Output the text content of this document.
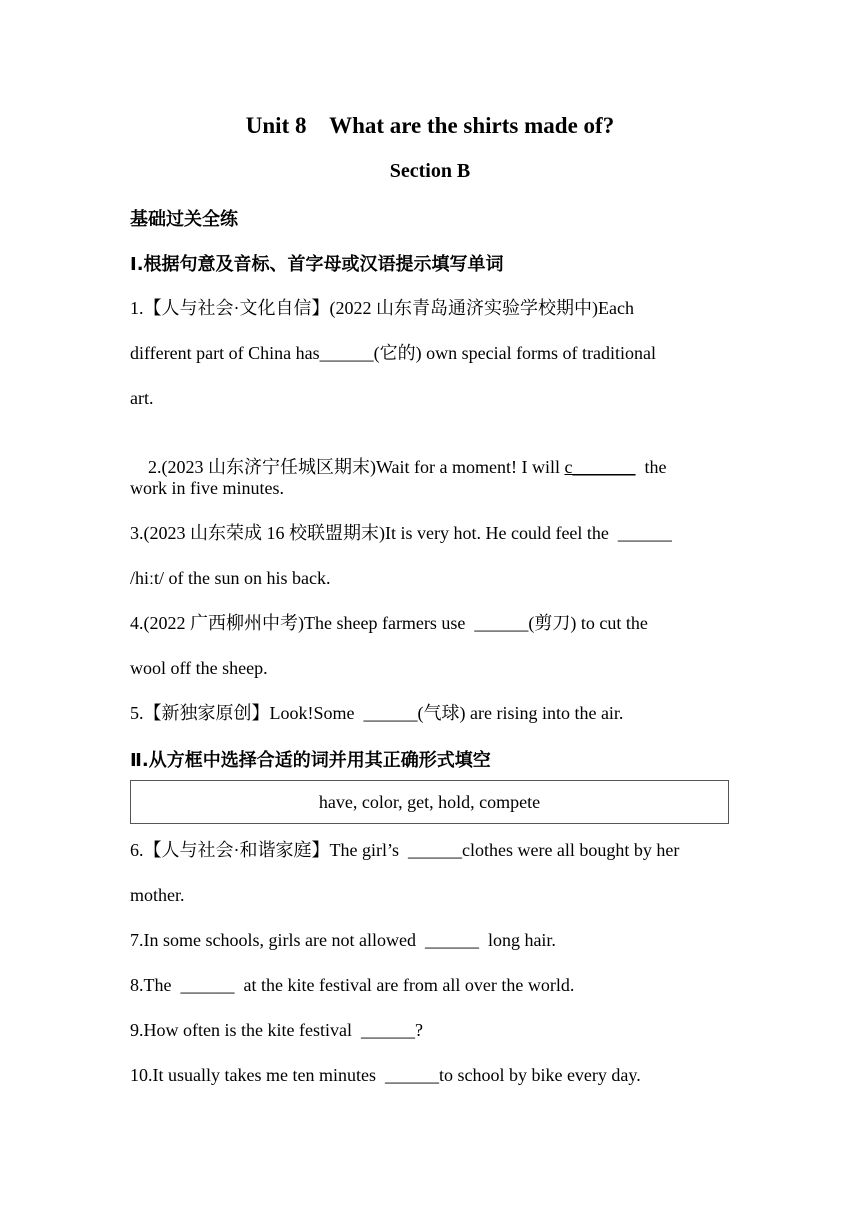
Unit 8    What are the shirts made of?
Section B
基础过关全练
Ⅰ.根据句意及音标、首字母或汉语提示填写单词
1.【人与社会·文化自信】(2022 山东青岛通济实验学校期中)Each
different part of China has______(它的) own special forms of traditional
art.

2.(2023 山东济宁任城区期末)Wait for a moment! I will c_______  the

work in five minutes.
3.(2023 山东荣成 16 校联盟期末)It is very hot. He could feel the  ______
/hiːt/ of the sun on his back.
4.(2022 广西柳州中考)The sheep farmers use  ______(剪刀) to cut the
wool off the sheep.
5.【新独家原创】Look!Some  ______(气球) are rising into the air.
Ⅱ.从方框中选择合适的词并用其正确形式填空
have, color, get, hold, compete
6.【人与社会·和谐家庭】The girl’s  ______clothes were all bought by her
mother.
7.In some schools, girls are not allowed  ______  long hair.
8.The  ______  at the kite festival are from all over the world.
9.How often is the kite festival  ______?
10.It usually takes me ten minutes  ______to school by bike every day.
